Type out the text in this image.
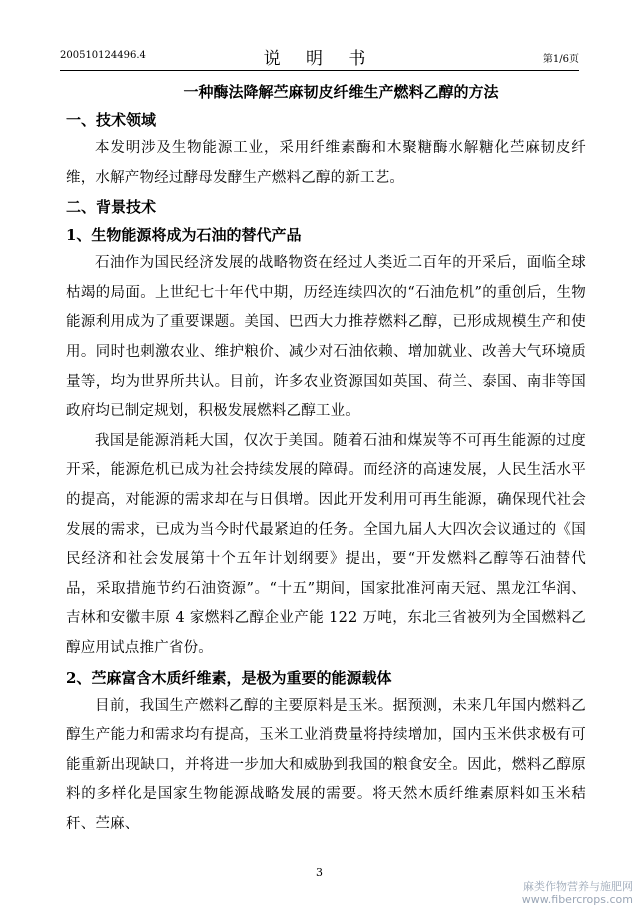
200510124496.4	说 明 书	第1/6页
一种酶法降解苎麻韧皮纤维生产燃料乙醇的方法
一、技术领域

本发明涉及生物能源工业，采用纤维素酶和木聚糖酶水解糖化苎麻韧皮纤维，水解产物经过酵母发酵生产燃料乙醇的新工艺。

二、背景技术
1、生物能源将成为石油的替代产品

石油作为国民经济发展的战略物资在经过人类近二百年的开采后，面临全球枯竭的局面。上世纪七十年代中期，历经连续四次的“石油危机”的重创后，生物能源利用成为了重要课题。美国、巴西大力推荐燃料乙醇，已形成规模生产和使用。同时也刺激农业、维护粮价、减少对石油依赖、增加就业、改善大气环境质量等，均为世界所共认。目前，许多农业资源国如英国、荷兰、泰国、南非等国政府均已制定规划，积极发展燃料乙醇工业。

我国是能源消耗大国，仅次于美国。随着石油和煤炭等不可再生能源的过度开采，能源危机已成为社会持续发展的障碍。而经济的高速发展，人民生活水平的提高，对能源的需求却在与日俱增。因此开发利用可再生能源，确保现代社会发展的需求，已成为当今时代最紧迫的任务。全国九届人大四次会议通过的《国民经济和社会发展第十个五年计划纲要》提出，要“开发燃料乙醇等石油替代品，采取措施节约石油资源”。“十五”期间，国家批准河南天冠、黑龙江华润、吉林和安徽丰原 4 家燃料乙醇企业产能 122 万吨，东北三省被列为全国燃料乙醇应用试点推广省份。

2、苎麻富含木质纤维素，是极为重要的能源载体

目前，我国生产燃料乙醇的主要原料是玉米。据预测，未来几年国内燃料乙醇生产能力和需求均有提高，玉米工业消费量将持续增加，国内玉米供求极有可能重新出现缺口，并将进一步加大和威胁到我国的粮食安全。因此，燃料乙醇原料的多样化是国家生物能源战略发展的需要。将天然木质纤维素原料如玉米秸秆、苎麻、

3
麻类作物营养与施肥网
www.fibercrops.com
